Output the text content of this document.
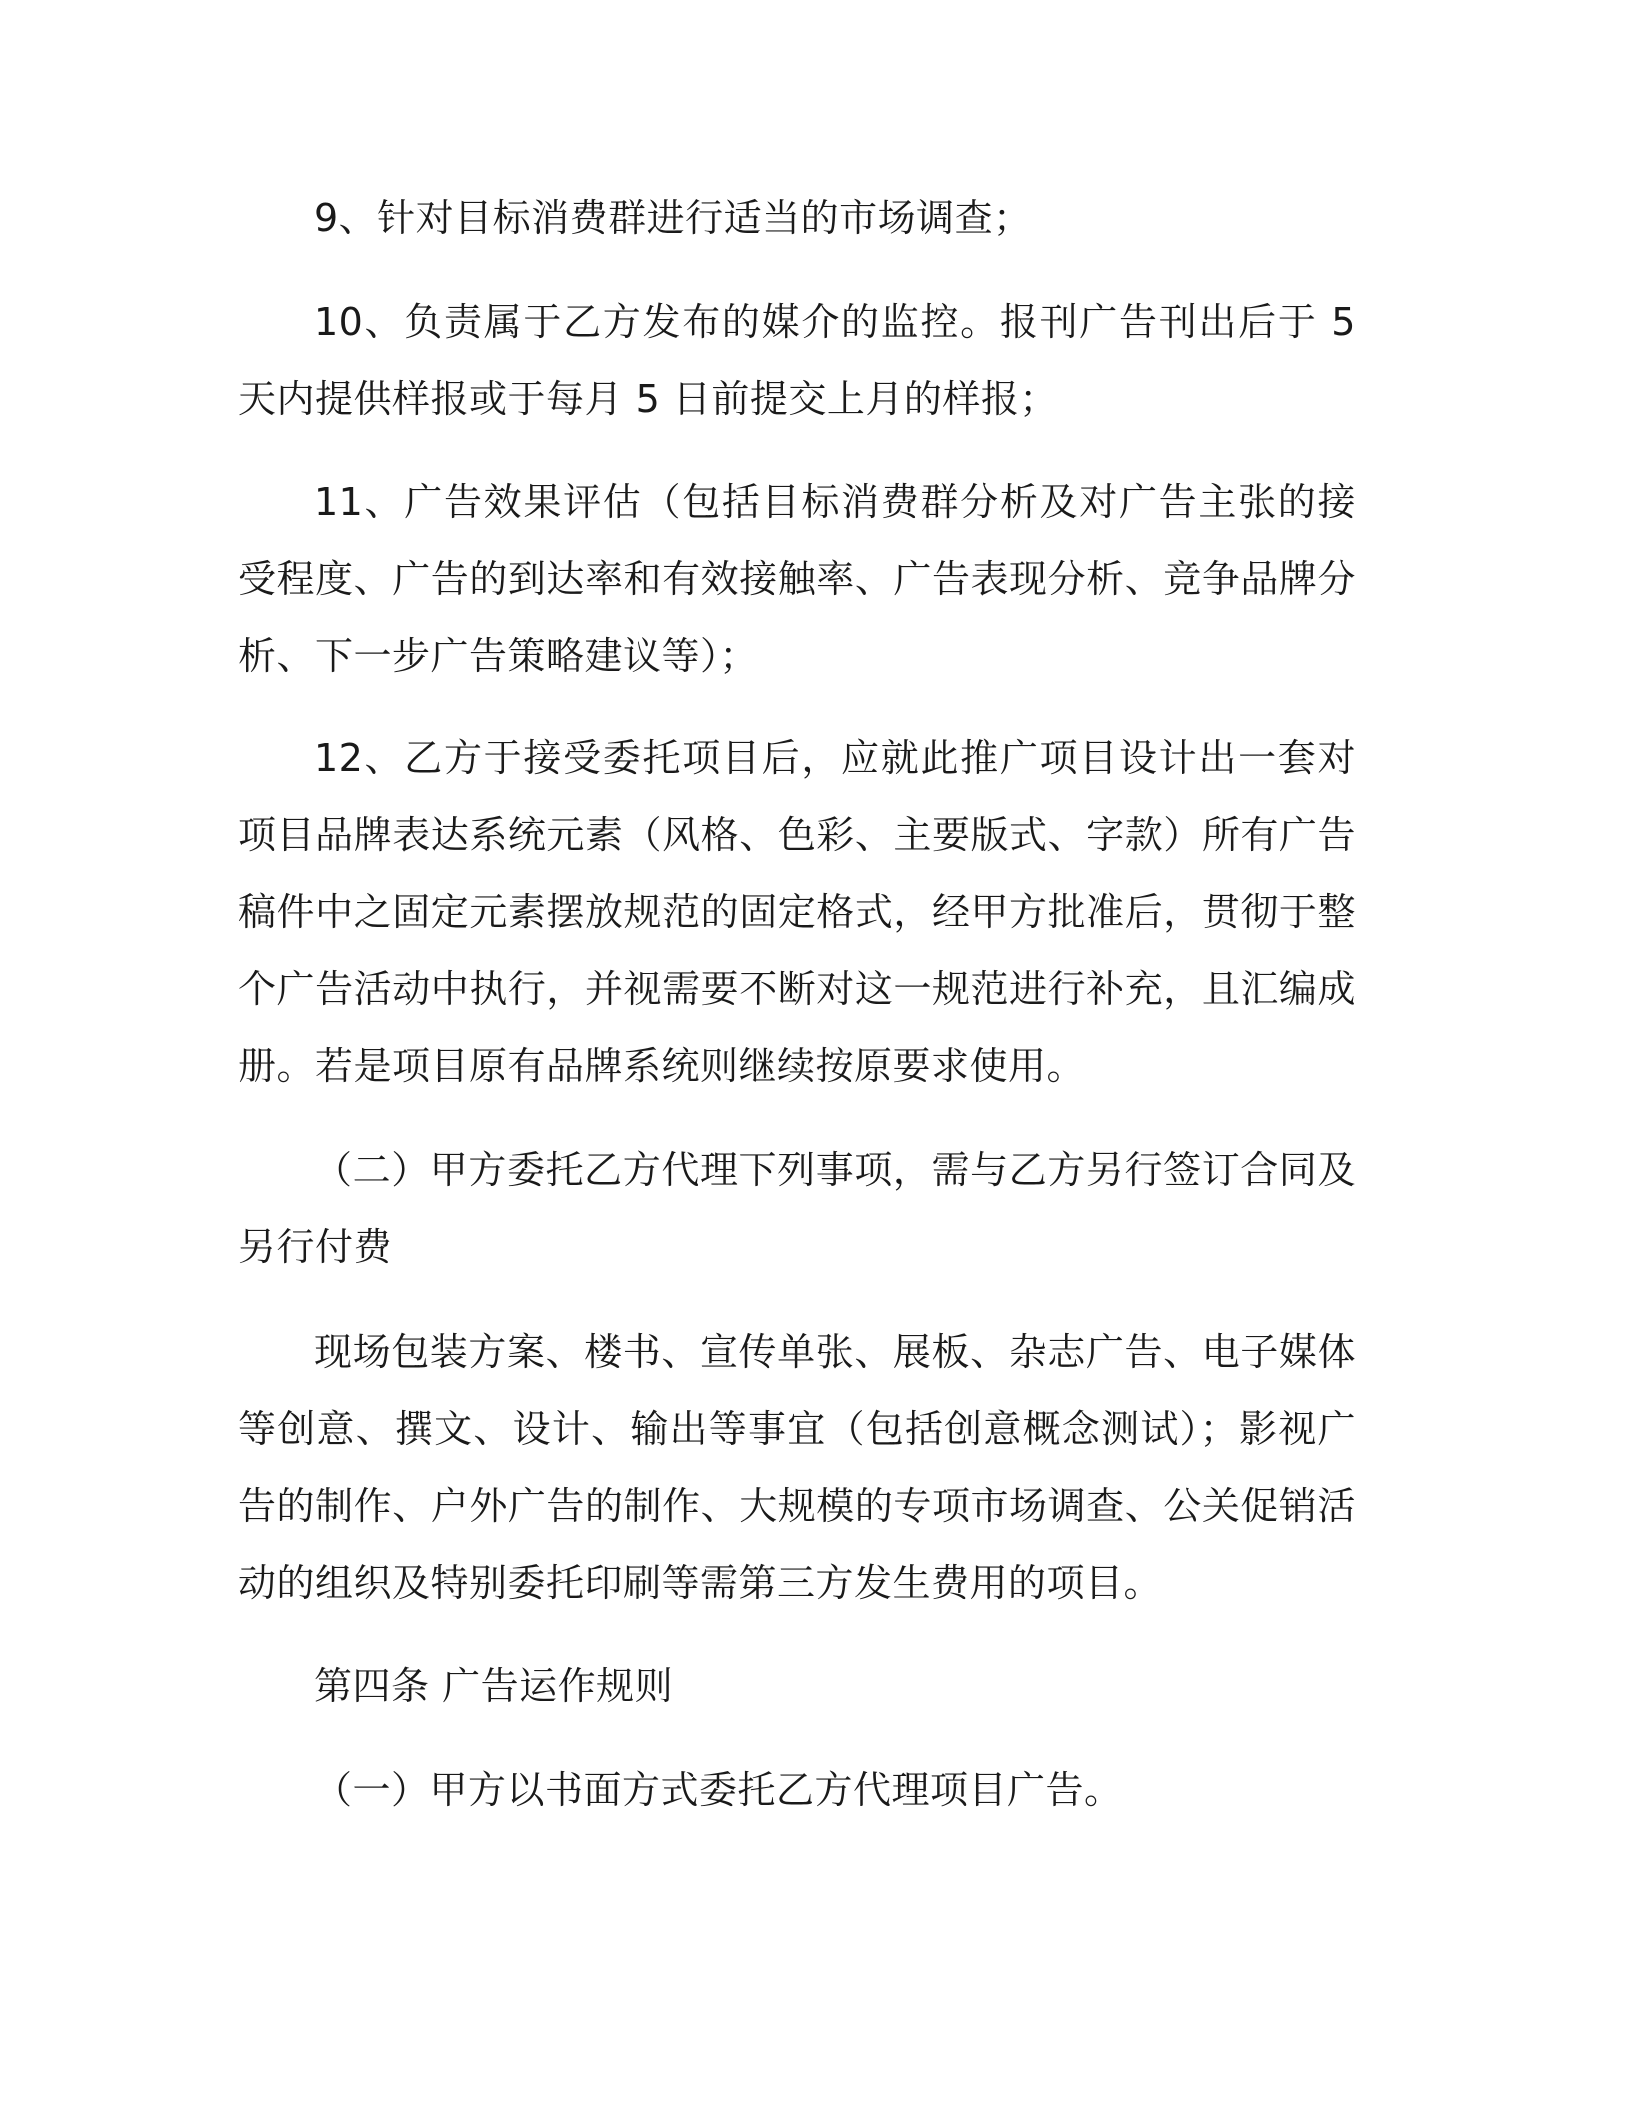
9、针对目标消费群进行适当的市场调查；

10、负责属于乙方发布的媒介的监控。报刊广告刊出后于 5 天内提供样报或于每月 5 日前提交上月的样报；

11、广告效果评估（包括目标消费群分析及对广告主张的接受程度、广告的到达率和有效接触率、广告表现分析、竞争品牌分析、下一步广告策略建议等）；

12、乙方于接受委托项目后，应就此推广项目设计出一套对项目品牌表达系统元素（风格、色彩、主要版式、字款）所有广告稿件中之固定元素摆放规范的固定格式，经甲方批准后，贯彻于整个广告活动中执行，并视需要不断对这一规范进行补充，且汇编成册。若是项目原有品牌系统则继续按原要求使用。

（二）甲方委托乙方代理下列事项，需与乙方另行签订合同及另行付费

现场包装方案、楼书、宣传单张、展板、杂志广告、电子媒体等创意、撰文、设计、输出等事宜（包括创意概念测试）；影视广告的制作、户外广告的制作、大规模的专项市场调查、公关促销活动的组织及特别委托印刷等需第三方发生费用的项目。

第四条 广告运作规则

（一）甲方以书面方式委托乙方代理项目广告。
